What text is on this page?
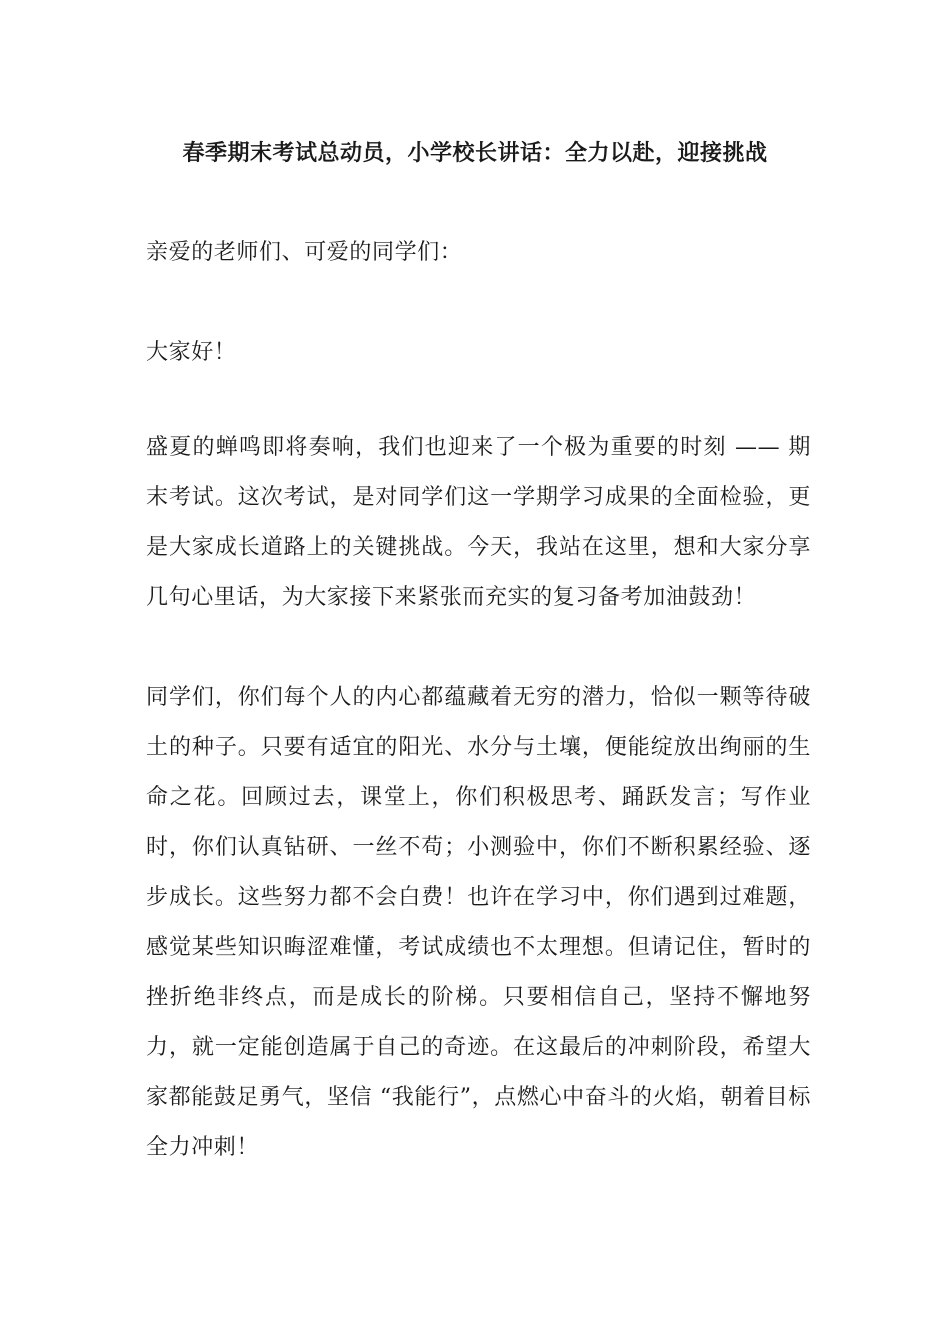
春季期末考试总动员，小学校长讲话：全力以赴，迎接挑战

亲爱的老师们、可爱的同学们：

大家好！

盛夏的蝉鸣即将奏响，我们也迎来了一个极为重要的时刻 —— 期末考试。这次考试，是对同学们这一学期学习成果的全面检验，更是大家成长道路上的关键挑战。今天，我站在这里，想和大家分享几句心里话，为大家接下来紧张而充实的复习备考加油鼓劲！

同学们，你们每个人的内心都蕴藏着无穷的潜力，恰似一颗等待破土的种子。只要有适宜的阳光、水分与土壤，便能绽放出绚丽的生命之花。回顾过去，课堂上，你们积极思考、踊跃发言；写作业时，你们认真钻研、一丝不苟；小测验中，你们不断积累经验、逐步成长。这些努力都不会白费！也许在学习中，你们遇到过难题，感觉某些知识晦涩难懂，考试成绩也不太理想。但请记住，暂时的挫折绝非终点，而是成长的阶梯。只要相信自己，坚持不懈地努力，就一定能创造属于自己的奇迹。在这最后的冲刺阶段，希望大家都能鼓足勇气，坚信 “我能行”，点燃心中奋斗的火焰，朝着目标全力冲刺！
